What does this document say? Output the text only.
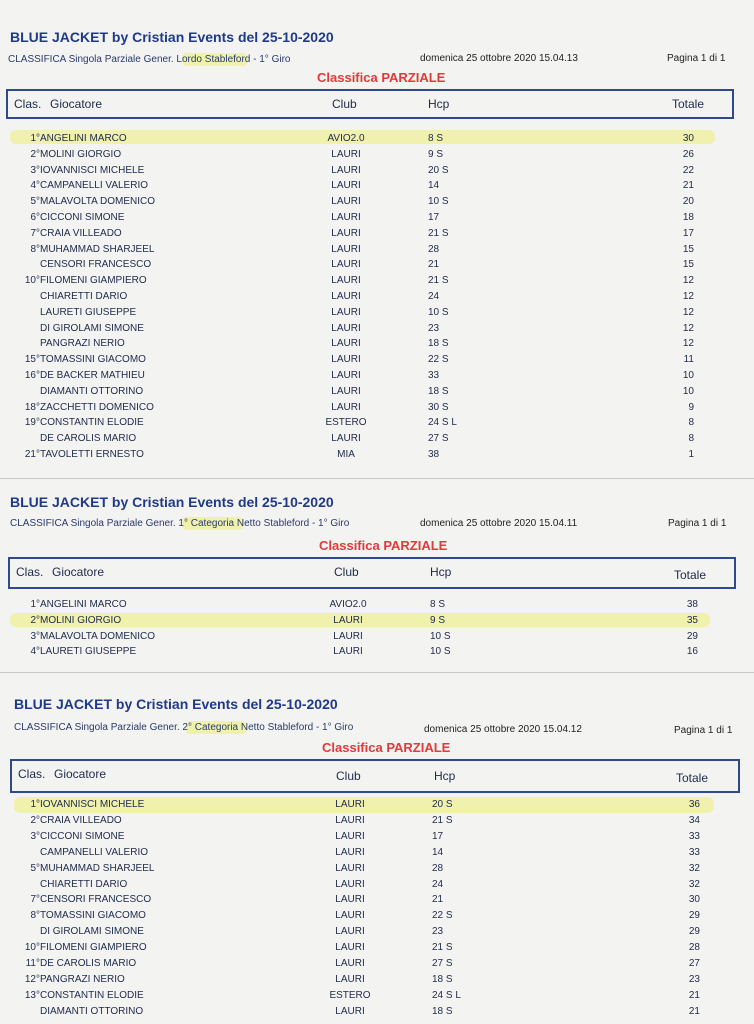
BLUE JACKET by Cristian Events del 25-10-2020
CLASSIFICA Singola Parziale Gener. Lordo Stableford - 1° Giro	domenica 25 ottobre 2020 15.04.13	Pagina 1 di 1
Classifica PARZIALE
Clas. Giocatore	Club	Hcp	Totale
1° ANGELINI MARCO	AVIO2.0	8 S	30
2° MOLINI GIORGIO	LAURI	9 S	26
3° IOVANNISCI MICHELE	LAURI	20 S	22
4° CAMPANELLI VALERIO	LAURI	14	21
5° MALAVOLTA DOMENICO	LAURI	10 S	20
6° CICCONI SIMONE	LAURI	17	18
7° CRAIA VILLEADO	LAURI	21 S	17
8° MUHAMMAD SHARJEEL	LAURI	28	15
CENSORI FRANCESCO	LAURI	21	15
10° FILOMENI GIAMPIERO	LAURI	21 S	12
CHIARETTI DARIO	LAURI	24	12
LAURETI GIUSEPPE	LAURI	10 S	12
DI GIROLAMI SIMONE	LAURI	23	12
PANGRAZI NERIO	LAURI	18 S	12
15° TOMASSINI GIACOMO	LAURI	22 S	11
16° DE BACKER MATHIEU	LAURI	33	10
DIAMANTI OTTORINO	LAURI	18 S	10
18° ZACCHETTI DOMENICO	LAURI	30 S	9
19° CONSTANTIN ELODIE	ESTERO	24 S L	8
DE CAROLIS MARIO	LAURI	27 S	8
21° TAVOLETTI ERNESTO	MIA	38	1
BLUE JACKET by Cristian Events del 25-10-2020
CLASSIFICA Singola Parziale Gener. 1° Categoria Netto Stableford - 1° Giro	domenica 25 ottobre 2020 15.04.11	Pagina 1 di 1
Classifica PARZIALE
Clas. Giocatore	Club	Hcp	Totale
1° ANGELINI MARCO	AVIO2.0	8 S	38
2° MOLINI GIORGIO	LAURI	9 S	35
3° MALAVOLTA DOMENICO	LAURI	10 S	29
4° LAURETI GIUSEPPE	LAURI	10 S	16
BLUE JACKET by Cristian Events del 25-10-2020
CLASSIFICA Singola Parziale Gener. 2° Categoria Netto Stableford - 1° Giro	domenica 25 ottobre 2020 15.04.12	Pagina 1 di 1
Classifica PARZIALE
Clas. Giocatore	Club	Hcp	Totale
1° IOVANNISCI MICHELE	LAURI	20 S	36
2° CRAIA VILLEADO	LAURI	21 S	34
3° CICCONI SIMONE	LAURI	17	33
CAMPANELLI VALERIO	LAURI	14	33
5° MUHAMMAD SHARJEEL	LAURI	28	32
CHIARETTI DARIO	LAURI	24	32
7° CENSORI FRANCESCO	LAURI	21	30
8° TOMASSINI GIACOMO	LAURI	22 S	29
DI GIROLAMI SIMONE	LAURI	23	29
10° FILOMENI GIAMPIERO	LAURI	21 S	28
11° DE CAROLIS MARIO	LAURI	27 S	27
12° PANGRAZI NERIO	LAURI	18 S	23
13° CONSTANTIN ELODIE	ESTERO	24 S L	21
DIAMANTI OTTORINO	LAURI	18 S	21
